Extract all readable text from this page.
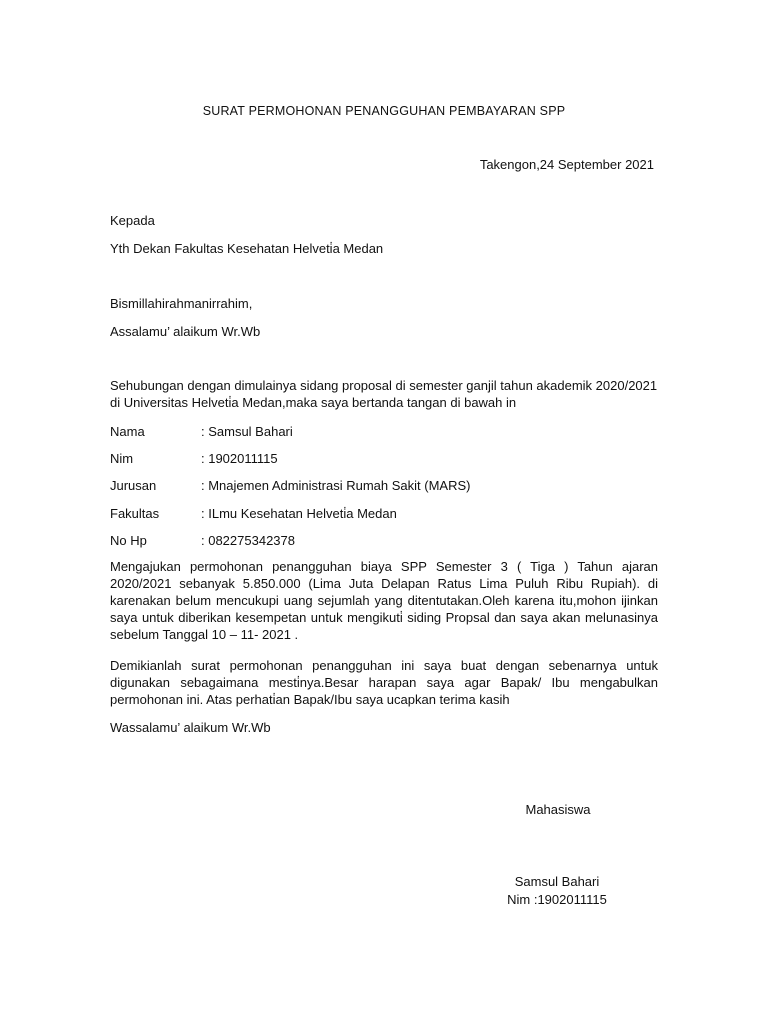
SURAT PERMOHONAN PENANGGUHAN PEMBAYARAN SPP
Takengon,24 September 2021
Kepada
Yth Dekan Fakultas Kesehatan Helveti̇a Medan
Bismillahirahmanirrahim,
Assalamu’ alaikum Wr.Wb
Sehubungan dengan dimulainya sidang proposal di semester ganjil tahun akademik 2020/2021
di Universitas Helveti̇a Medan,maka saya bertanda tangan di bawah in
Nama	: Samsul Bahari
Nim	: 1902011115
Jurusan	: Mnajemen Administrasi Rumah Sakit (MARS)
Fakultas	: ILmu Kesehatan Helveti̇a Medan
No Hp	: 082275342378
Mengajukan permohonan penangguhan biaya SPP Semester 3 ( Tiga ) Tahun ajaran 2020/2021 sebanyak 5.850.000 (Lima Juta Delapan Ratus Lima Puluh Ribu Rupiah). di karenakan belum mencukupi uang sejumlah yang ditentutakan.Oleh karena itu,mohon ijinkan saya untuk diberikan kesempetan untuk mengikuti̇ siding Propsal dan saya akan melunasinya sebelum Tanggal 10 – 11- 2021 .
Demikianlah surat permohonan penangguhan ini saya buat dengan sebenarnya untuk digunakan sebagaimana mesti̇nya.Besar harapan saya agar Bapak/ Ibu mengabulkan permohonan ini. Atas perhati̇an Bapak/Ibu saya ucapkan terima kasih
Wassalamu’ alaikum Wr.Wb
Mahasiswa
Samsul Bahari
Nim :1902011115
